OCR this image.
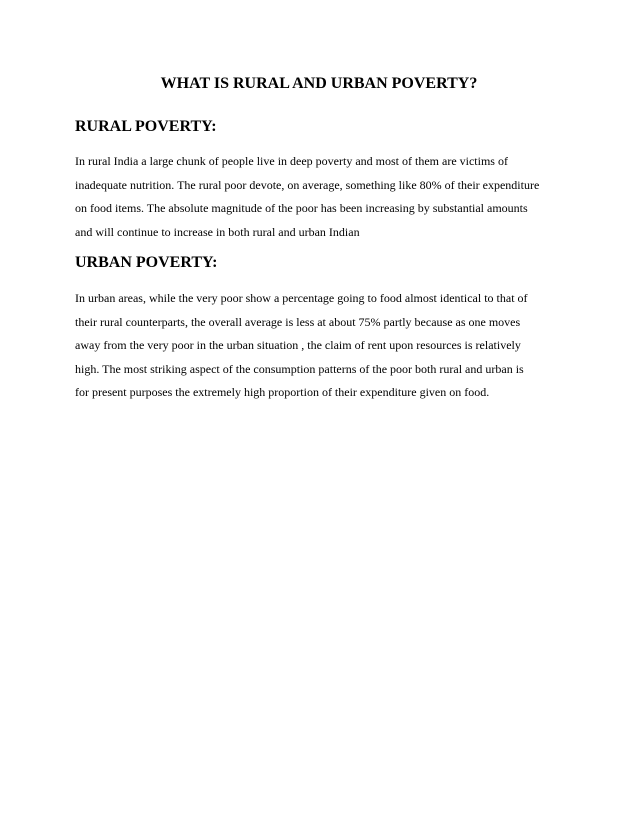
WHAT IS RURAL AND URBAN POVERTY?
RURAL POVERTY:
In rural India a large chunk of people live in deep poverty and most of them are victims of
inadequate nutrition. The rural poor devote, on average, something like 80% of their expenditure
on food items. The absolute magnitude of the poor has been increasing by substantial amounts
and will continue to increase in both rural and urban Indian
URBAN POVERTY:
In urban areas, while the very poor show a percentage going to food almost identical to that of
their rural counterparts, the overall average is less at about 75% partly because as one moves
away from the very poor in the urban situation , the claim of rent upon resources is relatively
high. The most striking aspect of the consumption patterns of the poor both rural and urban is
for present purposes the extremely high proportion of their expenditure given on food.
